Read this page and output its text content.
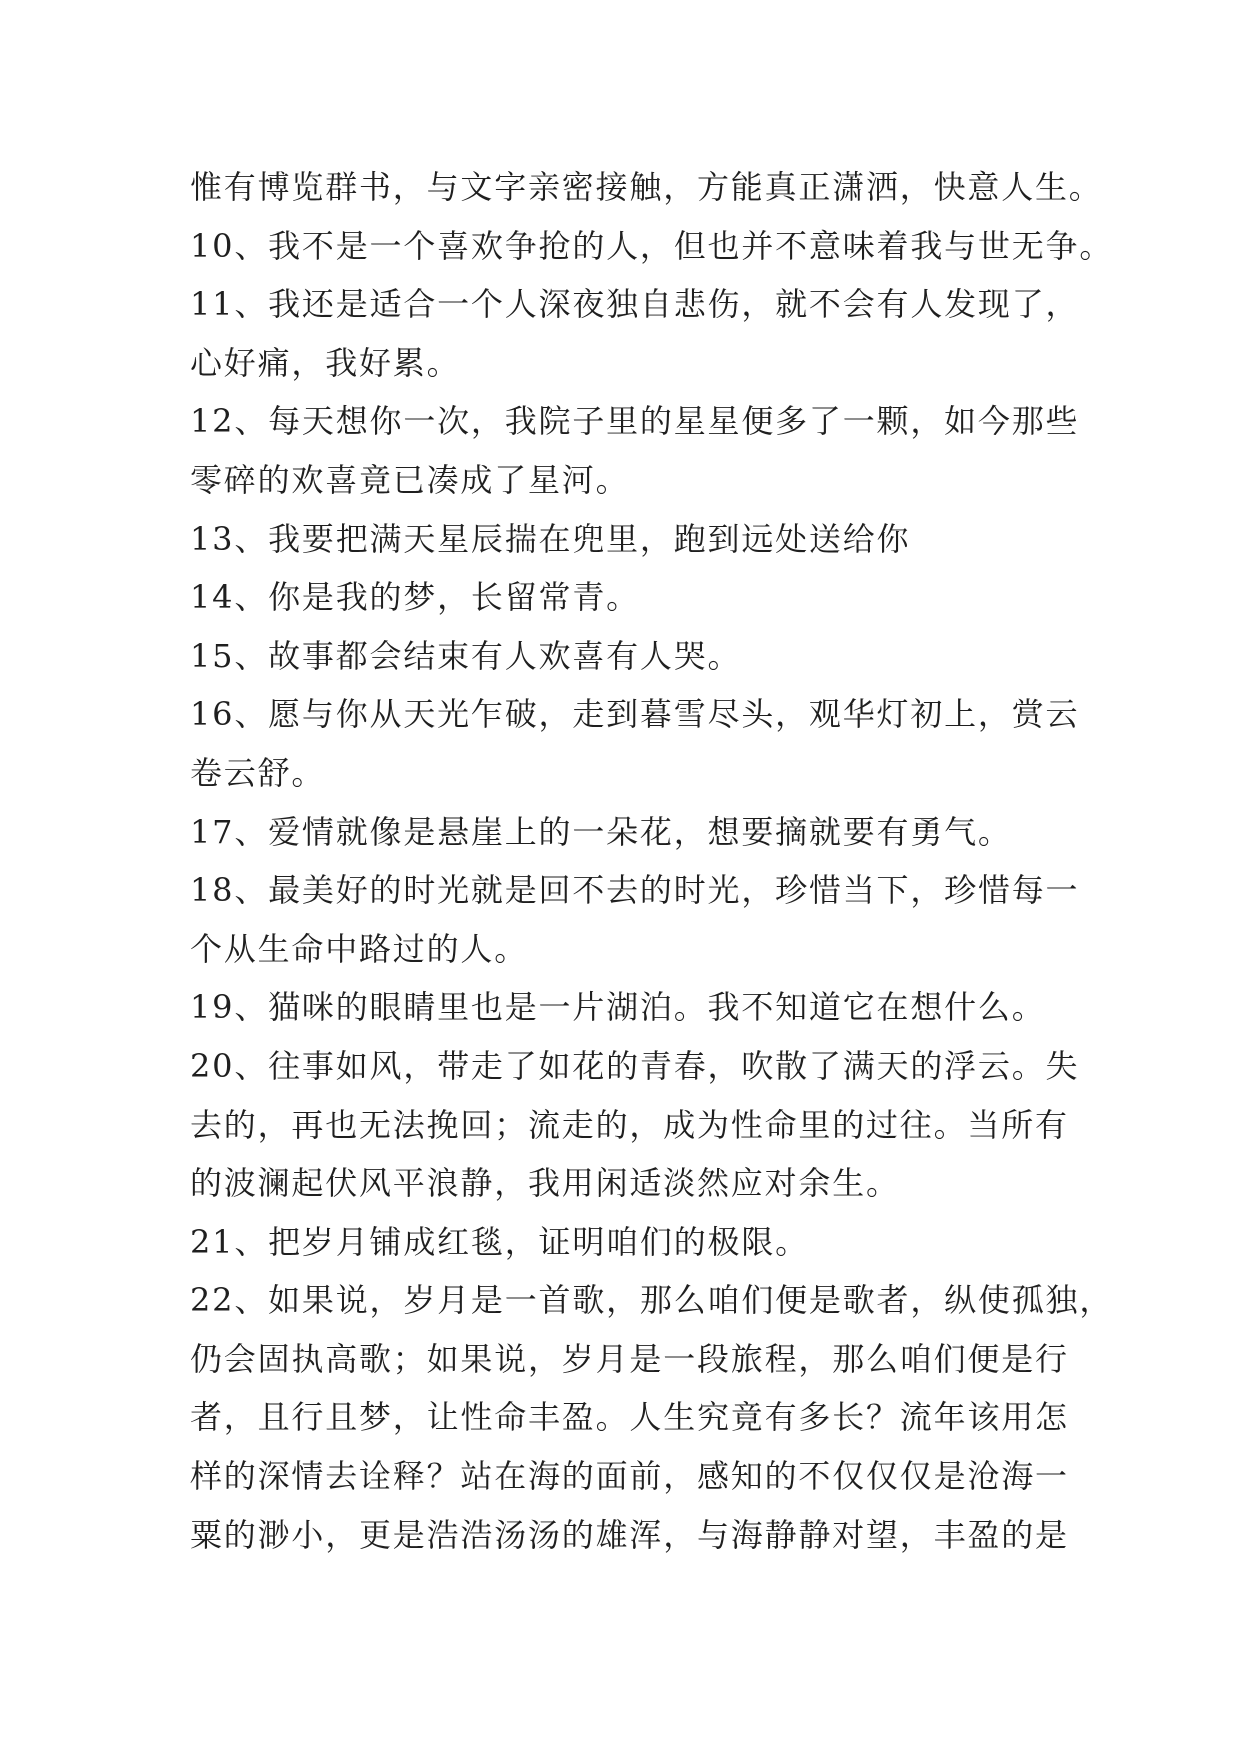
惟有博览群书，与文字亲密接触，方能真正潇洒，快意人生。
10、我不是一个喜欢争抢的人，但也并不意味着我与世无争。
11、我还是适合一个人深夜独自悲伤，就不会有人发现了，
心好痛，我好累。
12、每天想你一次，我院子里的星星便多了一颗，如今那些
零碎的欢喜竟已凑成了星河。
13、我要把满天星辰揣在兜里，跑到远处送给你
14、你是我的梦，长留常青。
15、故事都会结束有人欢喜有人哭。
16、愿与你从天光乍破，走到暮雪尽头，观华灯初上，赏云
卷云舒。
17、爱情就像是悬崖上的一朵花，想要摘就要有勇气。
18、最美好的时光就是回不去的时光，珍惜当下，珍惜每一
个从生命中路过的人。
19、猫咪的眼睛里也是一片湖泊。我不知道它在想什么。
20、往事如风，带走了如花的青春，吹散了满天的浮云。失
去的，再也无法挽回；流走的，成为性命里的过往。当所有
的波澜起伏风平浪静，我用闲适淡然应对余生。
21、把岁月铺成红毯，证明咱们的极限。
22、如果说，岁月是一首歌，那么咱们便是歌者，纵使孤独，
仍会固执高歌；如果说，岁月是一段旅程，那么咱们便是行
者，且行且梦，让性命丰盈。人生究竟有多长？流年该用怎
样的深情去诠释？站在海的面前，感知的不仅仅仅是沧海一
粟的渺小，更是浩浩汤汤的雄浑，与海静静对望，丰盈的是
